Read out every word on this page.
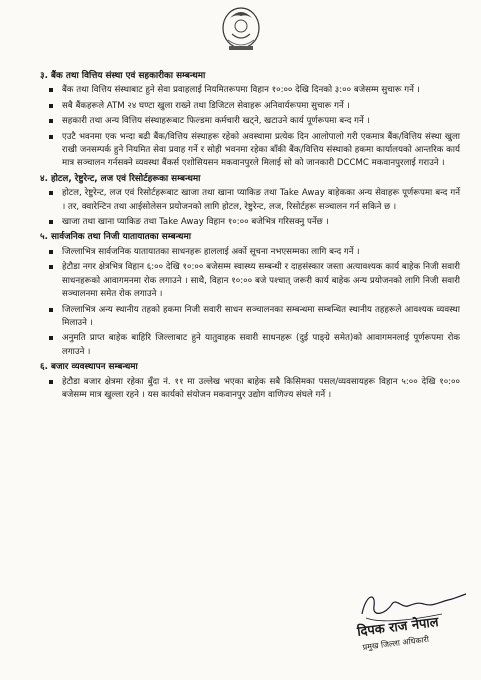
३. बैंक तथा वित्तिय संस्था एवं सहकारीका सम्बन्धमा
बैंक तथा वित्तिय संस्थाबाट हुने सेवा प्रवाहलाई नियमितरूपमा विहान १०:०० देखि दिनको ३:०० बजेसम्म सुचारू गर्ने ।
सबै बैंकहरूले ATM २४ घण्टा खुला राख्ने तथा डिजिटल सेवाहरू अनिवार्यरूपमा सुचारू गर्ने ।
सहकारी तथा अन्य वित्तिय संस्थाहरूबाट फिल्डमा कर्मचारी खट्ने, खटाउने कार्य पूर्णरूपमा बन्द गर्ने ।
एउटै भवनमा एक भन्दा बढी बैंक/वित्तिय संस्थाहरू रहेको अवस्थामा प्रत्येक दिन आलोपालो गरी एकमात्र बैंक/वित्तिय संस्था खुला राखी जनसम्पर्क हुने नियमित सेवा प्रवाह गर्ने र सोही भवनमा रहेका बाँकी बैंक/वित्तिय संस्थाको हकमा कार्यालयको आन्तरिक कार्य मात्र सञ्चालन गर्नसक्ने व्यवस्था बैंकर्स एशोसियसन मकवानपुरले मिलाई सो को जानकारी DCCMC मकवानपुरलाई गराउने ।
४. होटल, रेष्टुरेन्ट, लज एवं रिसोर्टहरूका सम्बन्धमा
होटल, रेष्टुरेन्ट, लज एवं रिसोर्टहरूबाट खाजा तथा खाना प्याकिङ तथा Take Away बाहेकका अन्य सेवाहरू पूर्णरूपमा बन्द गर्ने । तर, क्वारेन्टिन तथा आईसोलेसन प्रयोजनको लागि होटल, रेष्टुरेन्ट, लज, रिसोर्टहरू सञ्चालन गर्न सकिने छ ।
खाजा तथा खाना प्याकिङ तथा Take Away विहान १०:०० बजेभित्र गरिसक्नु पर्नेछ ।
५. सार्वजनिक तथा निजी यातायातका सम्बन्धमा
जिल्लाभित्र सार्वजनिक यातायातका साधनहरू हाललाई अर्को सूचना नभएसम्मका लागि बन्द गर्ने ।
हेटौडा नगर क्षेत्रभित्र विहान ६:०० देखि १०:०० बजेसम्म स्वास्थ्य सम्बन्धी र दाहसंस्कार जस्ता अत्यावश्यक कार्य बाहेक निजी सवारी साधनहरूको आवागमनमा रोक लगाउने । साथै, विहान १०:०० बजे पश्चात् जरूरी कार्य बाहेक अन्य प्रयोजनको लागि निजी सवारी सञ्चालनमा समेत रोक लगाउने ।
जिल्लाभित्र अन्य स्थानीय तहको हकमा निजी सवारी साधन सञ्चालनका सम्बन्धमा सम्बन्धित स्थानीय तहहरूले आवश्यक व्यवस्था मिलाउने ।
अनुमति प्राप्त बाहेक बाहिरि जिल्लाबाट हुने यातुवाहक सवारी साधनहरू (दुई पाङ्ग्रे समेत)को आवागमनलाई पूर्णरूपमा रोक लगाउने ।
६. बजार व्यवस्थापन सम्बन्धमा
हेटौडा बजार क्षेत्रमा रहेका बुँदा नं. ११ मा उल्लेख भएका बाहेक सबै किसिमका पसल/व्यवसायहरू विहान ५:०० देखि १०:०० बजेसम्म मात्र खुल्ला रहने । यस कार्यको संयोजन मकवानपुर उद्योग वाणिज्य संघले गर्ने ।
दिपक राज नेपाल
प्रमुख जिल्ला अधिकारी
